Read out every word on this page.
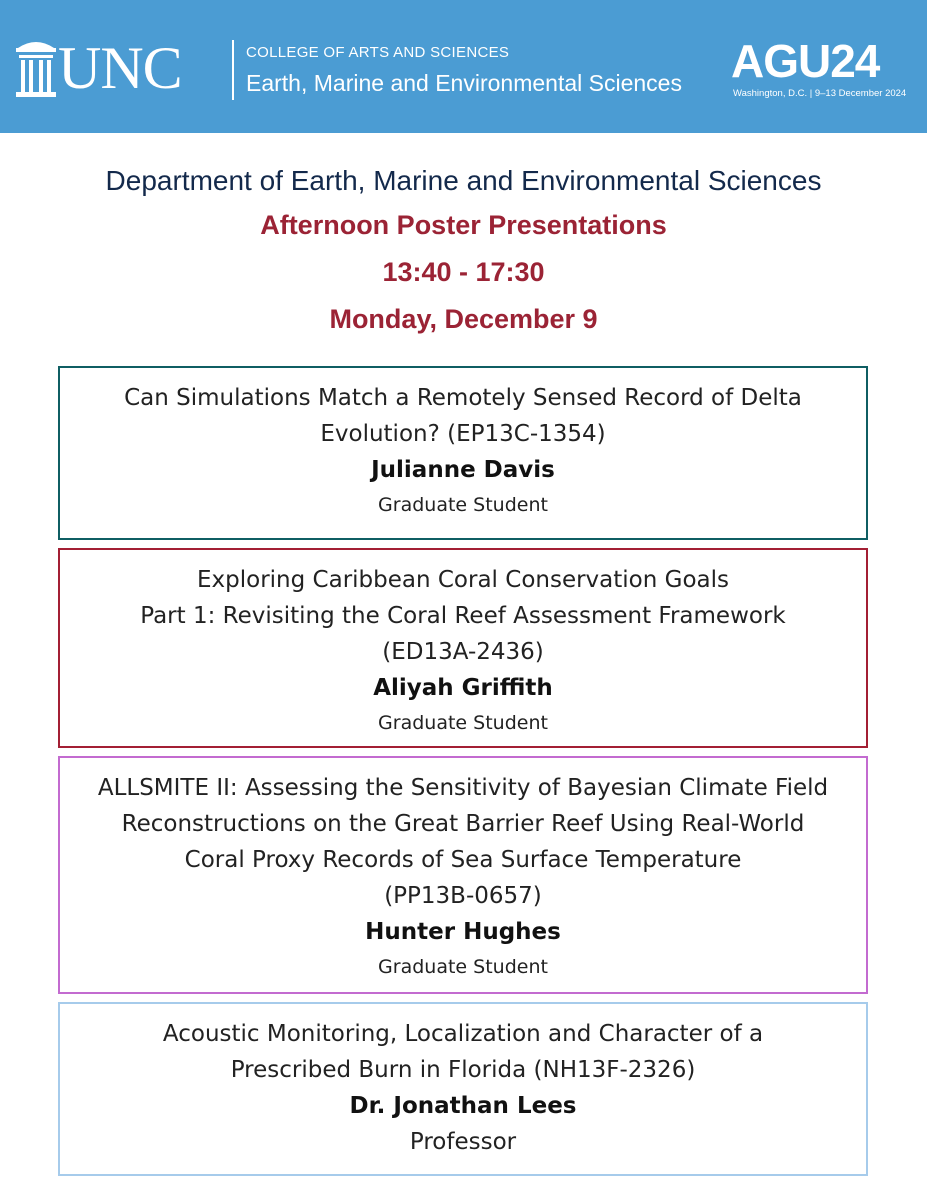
UNC	COLLEGE OF ARTS AND SCIENCES
Earth, Marine and Environmental Sciences AGU24
Washington, D.C. | 9–13 December 2024
Department of Earth, Marine and Environmental Sciences
Afternoon Poster Presentations
13:40 - 17:30
Monday, December 9
Can Simulations Match a Remotely Sensed Record of Delta
Evolution? (EP13C-1354)
Julianne Davis
Graduate Student
Exploring Caribbean Coral Conservation Goals
Part 1: Revisiting the Coral Reef Assessment Framework
(ED13A-2436)
Aliyah Griffith
Graduate Student
ALLSMITE II: Assessing the Sensitivity of Bayesian Climate Field
Reconstructions on the Great Barrier Reef Using Real-World
Coral Proxy Records of Sea Surface Temperature
(PP13B-0657)
Hunter Hughes
Graduate Student
Acoustic Monitoring, Localization and Character of a
Prescribed Burn in Florida (NH13F-2326)
Dr. Jonathan Lees
Professor
